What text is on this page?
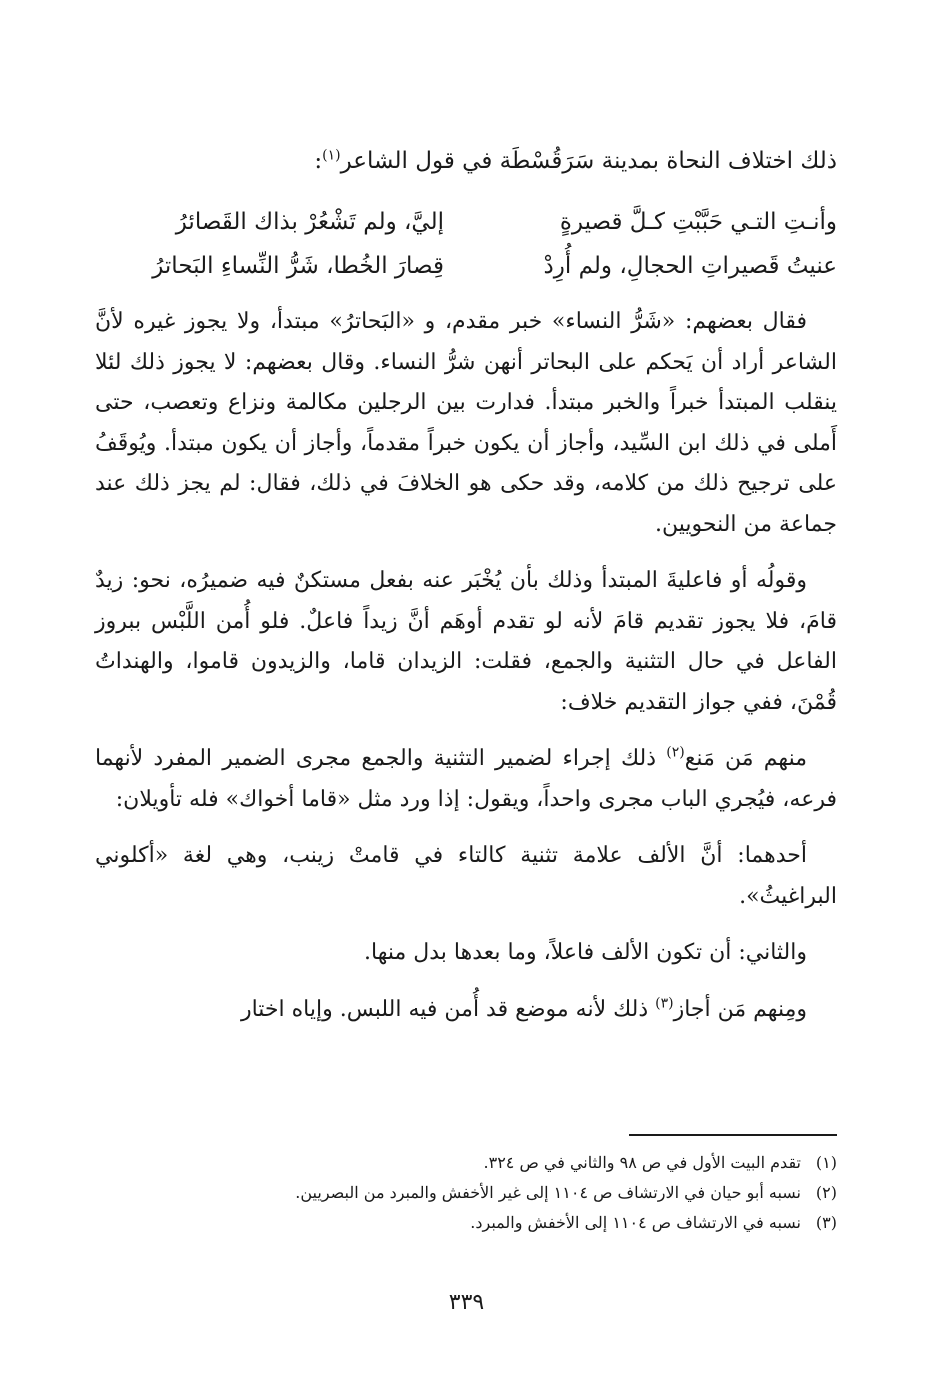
ذلك اختلاف النحاة بمدينة سَرَقُسْطَة في قول الشاعر$^{(١)}$:

وأنـتِ التـي حَبَّبْتِ كـلَّ قصيرةٍ
إليَّ، ولم تَشْعُرْ بذاك القَصائرُ
عنيتُ قَصيراتِ الحجالِ، ولم أُرِدْ
قِصارَ الخُطا، شَرُّ النِّساءِ البَحاترُ

فقال بعضهم: «شَرُّ النساء» خبر مقدم، و «البَحاترُ» مبتدأ، ولا يجوز غيره لأنَّ الشاعر أراد أن يَحكم على البحاتر أنهن شرُّ النساء. وقال بعضهم: لا يجوز ذلك لئلا ينقلب المبتدأ خبراً والخبر مبتدأ. فدارت بين الرجلين مكالمة ونزاع وتعصب، حتى أَملى في ذلك ابن السِّيد، وأجاز أن يكون خبراً مقدماً، وأجاز أن يكون مبتدأ. ويُوقَفُ على ترجيح ذلك من كلامه، وقد حكى هو الخلافَ في ذلك، فقال: لم يجز ذلك عند جماعة من النحويين.

وقولُه أو فاعليةَ المبتدأ وذلك بأن يُخْبَر عنه بفعل مستكنٌ فيه ضميرُه، نحو: زيدٌ قامَ، فلا يجوز تقديم قامَ لأنه لو تقدم أوهَم أنَّ زيداً فاعلٌ. فلو أُمن اللَّبْس ببروز الفاعل في حال التثنية والجمع، فقلت: الزيدان قاما، والزيدون قاموا، والهنداتُ قُمْنَ، ففي جواز التقديم خلاف:

منهم مَن مَنع$^{(٢)}$ ذلك إجراء لضمير التثنية والجمع مجرى الضمير المفرد لأنهما فرعه، فيُجري الباب مجرى واحداً، ويقول: إذا ورد مثل «قاما أخواك» فله تأويلان:

أحدهما: أنَّ الألف علامة تثنية كالتاء في قامتْ زينب، وهي لغة «أكلوني البراغيثُ».

والثاني: أن تكون الألف فاعلاً، وما بعدها بدل منها.

ومِنهم مَن أجاز$^{(٣)}$ ذلك لأنه موضع قد أُمن فيه اللبس. وإياه اختار

(١)
تقدم البيت الأول في ص ٩٨ والثاني في ص ٣٢٤.
(٢)
نسبه أبو حيان في الارتشاف ص ١١٠٤ إلى غير الأخفش والمبرد من البصريين.
(٣)
نسبه في الارتشاف ص ١١٠٤ إلى الأخفش والمبرد.
٣٣٩
